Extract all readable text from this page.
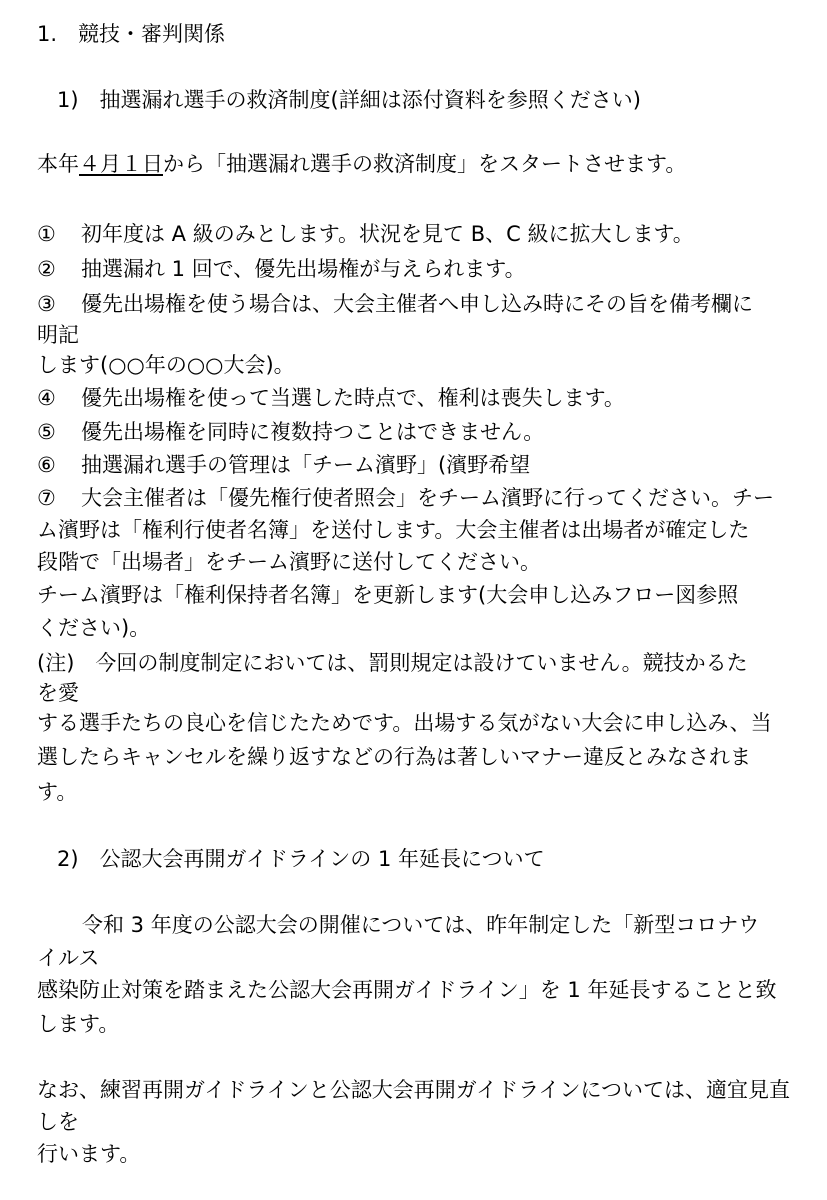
1.　競技・審判関係
1)　抽選漏れ選手の救済制度(詳細は添付資料を参照ください)
本年４月１日から「抽選漏れ選手の救済制度」をスタートさせます。
① 初年度は A 級のみとします。状況を見て B、C 級に拡大します。
② 抽選漏れ 1 回で、優先出場権が与えられます。
③ 優先出場権を使う場合は、大会主催者へ申し込み時にその旨を備考欄に
明記
します(○○年の○○大会)。
④ 優先出場権を使って当選した時点で、権利は喪失します。
⑤ 優先出場権を同時に複数持つことはできません。
⑥ 抽選漏れ選手の管理は「チーム濱野」(濱野希望
⑦ 大会主催者は「優先権行使者照会」をチーム濱野に行ってください。チー
ム濱野は「権利行使者名簿」を送付します。大会主催者は出場者が確定した
段階で「出場者」をチーム濱野に送付してください。
チーム濱野は「権利保持者名簿」を更新します(大会申し込みフロー図参照
ください)。
(注)　今回の制度制定においては、罰則規定は設けていません。競技かるた
を愛
する選手たちの良心を信じたためです。出場する気がない大会に申し込み、当
選したらキャンセルを繰り返すなどの行為は著しいマナー違反とみなされま
す。
2)　公認大会再開ガイドラインの 1 年延長について
令和 3 年度の公認大会の開催については、昨年制定した「新型コロナウ
イルス
感染防止対策を踏まえた公認大会再開ガイドライン」を 1 年延長することと致
します。
なお、練習再開ガイドラインと公認大会再開ガイドラインについては、適宜見直
しを
行います。
